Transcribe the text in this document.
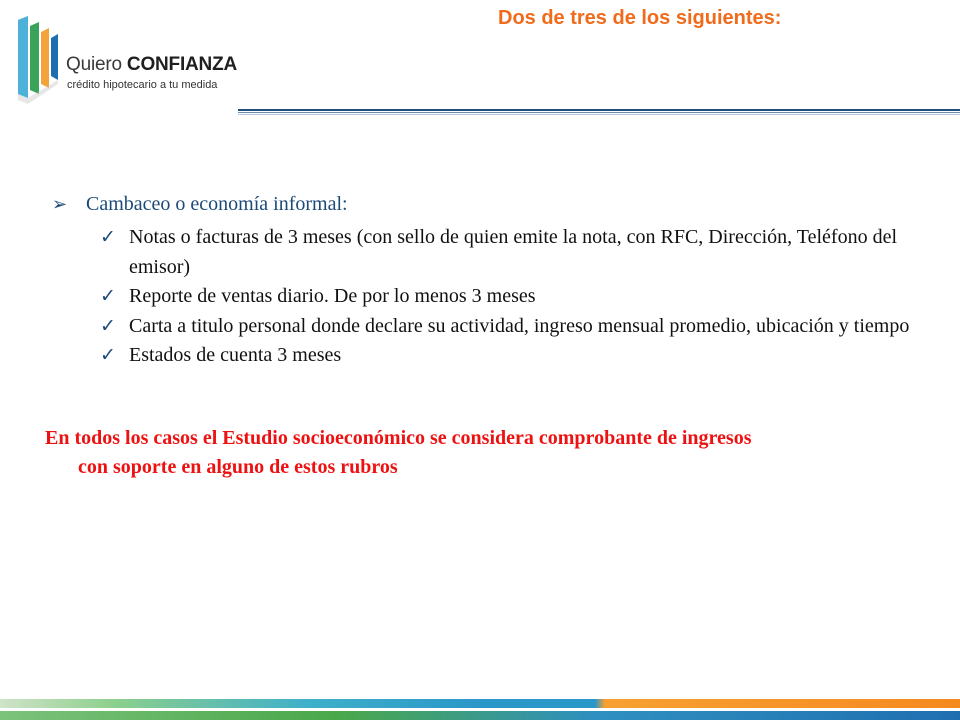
Quiero CONFIANZA
crédito hipotecario a tu medida
Dos de tres de los siguientes:
➢ Cambaceo o economía informal:
✓ Notas o facturas de 3 meses (con sello de quien emite la nota, con RFC, Dirección, Teléfono del emisor)
✓ Reporte de ventas diario. De por lo menos 3 meses
✓ Carta a titulo personal donde declare su actividad, ingreso mensual promedio, ubicación y tiempo
✓ Estados de cuenta 3 meses
En todos los casos el Estudio socioeconómico se considera comprobante de ingresos
con soporte en alguno de estos rubros
